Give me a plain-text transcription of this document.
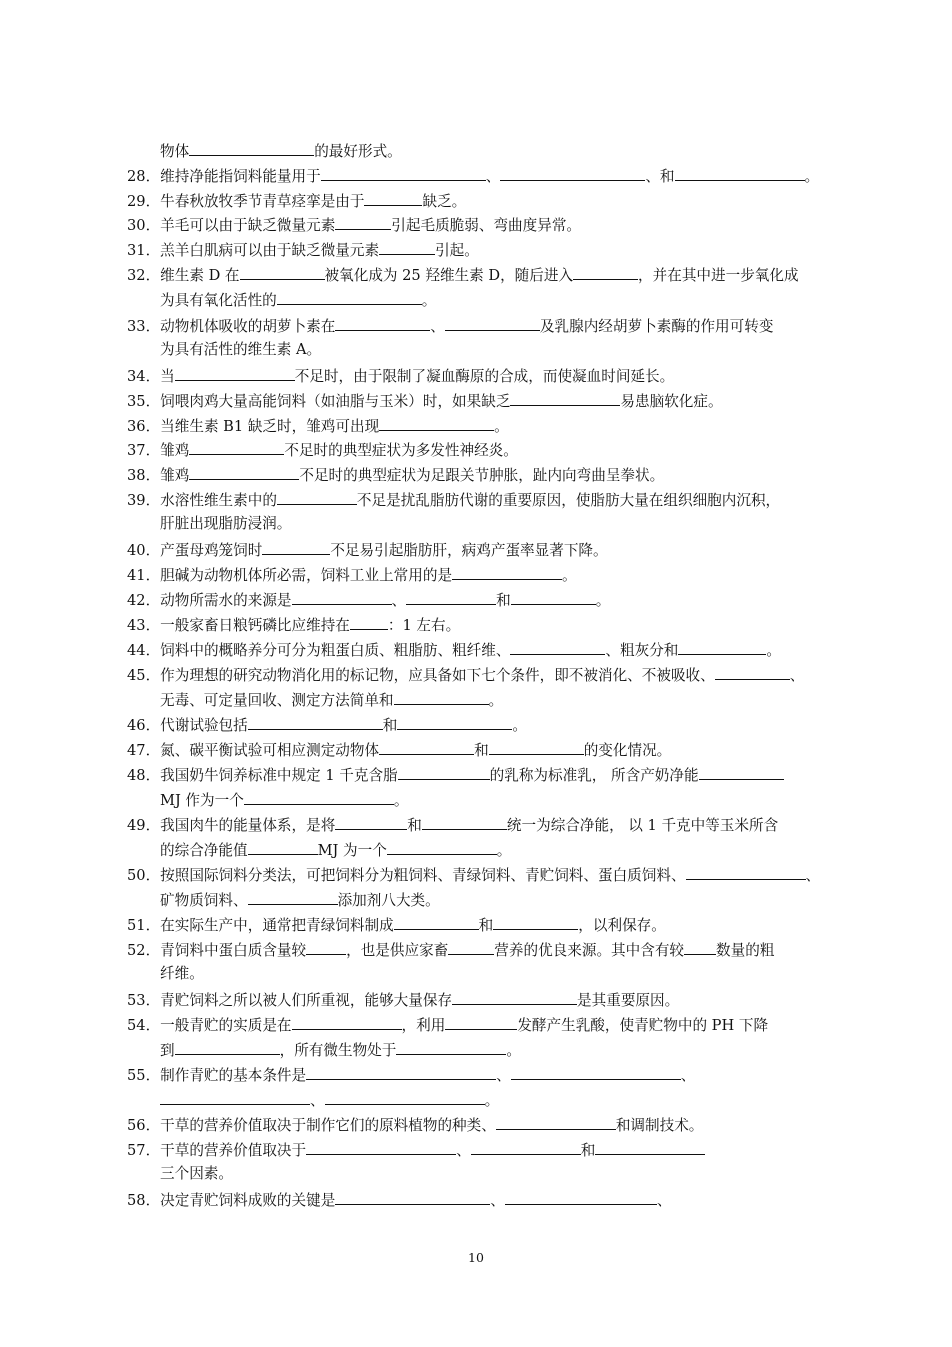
物体	的最好形式。
28．维持净能指饲料能量用于	、	、和	。
29．牛春秋放牧季节青草痉挛是由于	缺乏。
30．羊毛可以由于缺乏微量元素	引起毛质脆弱、弯曲度异常。
31．羔羊白肌病可以由于缺乏微量元素	引起。
32．维生素 D 在	被氧化成为 25 羟维生素 D，随后进入	，并在其中进一步氧化成
为具有氧化活性的	。
33．动物机体吸收的胡萝卜素在	、	及乳腺内经胡萝卜素酶的作用可转变
为具有活性的维生素 A。
34．当	不足时，由于限制了凝血酶原的合成，而使凝血时间延长。
35．饲喂肉鸡大量高能饲料（如油脂与玉米）时，如果缺乏	易患脑软化症。
36．当维生素 B1 缺乏时，雏鸡可出现	。
37．雏鸡	不足时的典型症状为多发性神经炎。
38．雏鸡	不足时的典型症状为足跟关节肿胀，趾内向弯曲呈拳状。
39．水溶性维生素中的	不足是扰乱脂肪代谢的重要原因，使脂肪大量在组织细胞内沉积，
肝脏出现脂肪浸润。
40．产蛋母鸡笼饲时	不足易引起脂肪肝，病鸡产蛋率显著下降。
41．胆碱为动物机体所必需，饲料工业上常用的是	。
42．动物所需水的来源是	、	和	。
43．一般家畜日粮钙磷比应维持在	：1 左右。
44．饲料中的概略养分可分为粗蛋白质、粗脂肪、粗纤维、	、粗灰分和	。
45．作为理想的研究动物消化用的标记物，应具备如下七个条件，即不被消化、不被吸收、	、
无毒、可定量回收、测定方法简单和	。
46．代谢试验包括	和	。
47．氮、碳平衡试验可相应测定动物体	和	的变化情况。
48．我国奶牛饲养标准中规定 1 千克含脂	的乳称为标准乳， 所含产奶净能
MJ 作为一个	。
49．我国肉牛的能量体系，是将	和	统一为综合净能， 以 1 千克中等玉米所含
的综合净能值	MJ 为一个	。
50．按照国际饲料分类法，可把饲料分为粗饲料、青绿饲料、青贮饲料、蛋白质饲料、	、
矿物质饲料、	添加剂八大类。
51．在实际生产中，通常把青绿饲料制成	和	，以利保存。
52．青饲料中蛋白质含量较	，也是供应家畜	营养的优良来源。其中含有较 数量的粗
纤维。
53．青贮饲料之所以被人们所重视，能够大量保存	是其重要原因。
54．一般青贮的实质是在	，利用	发酵产生乳酸，使青贮物中的 PH 下降
到	，所有微生物处于	。
55．制作青贮的基本条件是	、	、
、	。
56．干草的营养价值取决于制作它们的原料植物的种类、	和调制技术。
57．干草的营养价值取决于	、	和
三个因素。
58．决定青贮饲料成败的关键是	、	、
10
